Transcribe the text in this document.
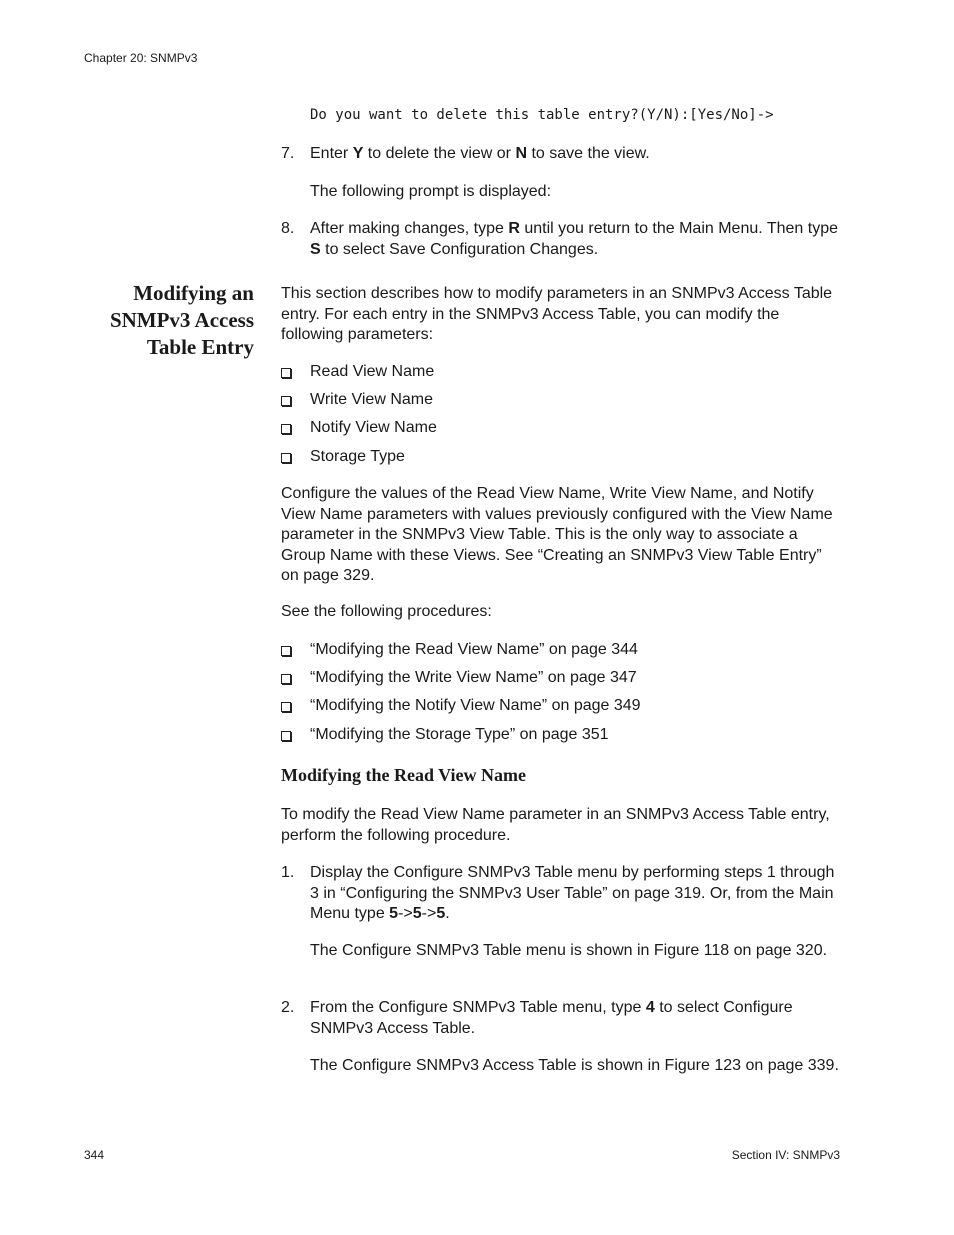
Chapter 20: SNMPv3
Do you want to delete this table entry?(Y/N):[Yes/No]->
7. Enter Y to delete the view or N to save the view.
The following prompt is displayed:
8. After making changes, type R until you return to the Main Menu. Then type S to select Save Configuration Changes.
Modifying an
SNMPv3 Access
Table Entry
This section describes how to modify parameters in an SNMPv3 Access Table entry. For each entry in the SNMPv3 Access Table, you can modify the following parameters:
Read View Name
Write View Name
Notify View Name
Storage Type
Configure the values of the Read View Name, Write View Name, and Notify View Name parameters with values previously configured with the View Name parameter in the SNMPv3 View Table. This is the only way to associate a Group Name with these Views. See “Creating an SNMPv3 View Table Entry” on page 329.
See the following procedures:
“Modifying the Read View Name” on page 344
“Modifying the Write View Name” on page 347
“Modifying the Notify View Name” on page 349
“Modifying the Storage Type” on page 351
Modifying the Read View Name
To modify the Read View Name parameter in an SNMPv3 Access Table entry, perform the following procedure.
1. Display the Configure SNMPv3 Table menu by performing steps 1 through 3 in “Configuring the SNMPv3 User Table” on page 319. Or, from the Main Menu type 5->5->5.
The Configure SNMPv3 Table menu is shown in Figure 118 on page 320.
2. From the Configure SNMPv3 Table menu, type 4 to select Configure SNMPv3 Access Table.
The Configure SNMPv3 Access Table is shown in Figure 123 on page 339.
344	Section IV: SNMPv3
